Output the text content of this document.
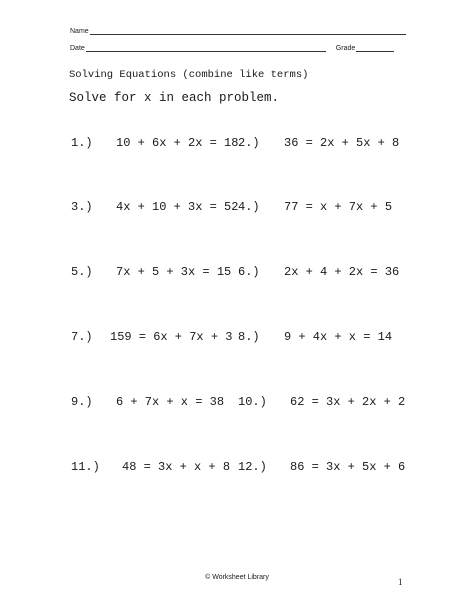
Name
Date	Grade
Solving Equations (combine like terms)
Solve for x in each problem.
1.) 10 + 6x + 2x = 18 2.) 36 = 2x + 5x + 8
3.) 4x + 10 + 3x = 52 4.) 77 = x + 7x + 5
5.) 7x + 5 + 3x = 15 6.) 2x + 4 + 2x = 36
7.) 159 = 6x + 7x + 3 8.) 9 + 4x + x = 14
9.) 6 + 7x + x = 38 10.) 62 = 3x + 2x + 2
11.) 48 = 3x + x + 8 12.) 86 = 3x + 5x + 6
© Worksheet Library	1
